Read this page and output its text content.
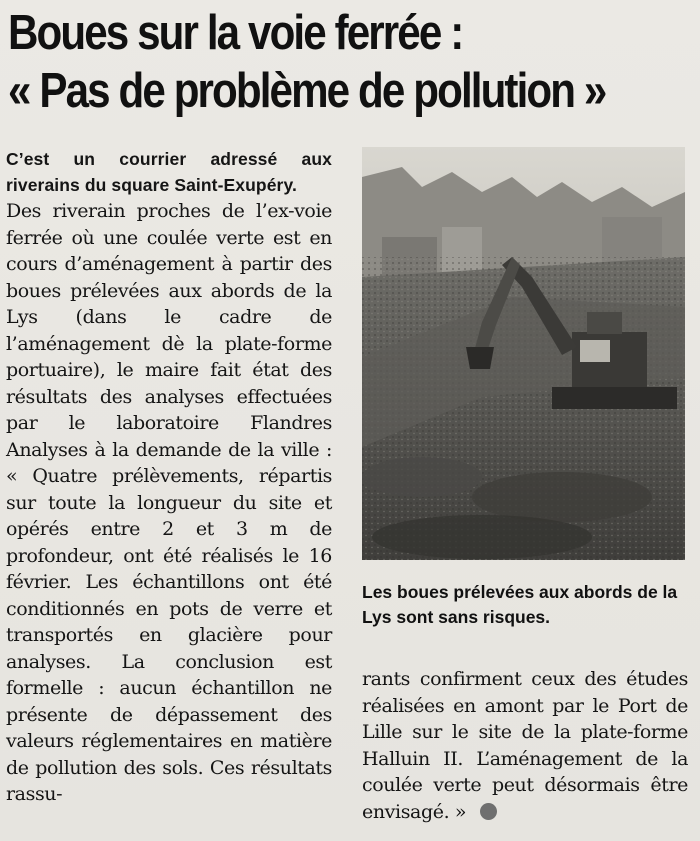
Boues sur la voie ferrée :
« Pas de problème de pollution »

C’est un courrier adressé aux riverains du square Saint-Exupéry.

Des riverain proches de l’ex-voie ferrée où une coulée verte est en cours d’aménagement à partir des boues prélevées aux abords de la Lys (dans le cadre de l’aménagement dè la plate-forme portuaire), le maire fait état des résultats des analyses effectuées par le laboratoire Flandres Analyses à la demande de la ville : « Quatre prélèvements, répartis sur toute la longueur du site et opérés entre 2 et 3 m de profondeur, ont été réalisés le 16 février. Les échantillons ont été conditionnés en pots de verre et transportés en glacière pour analyses. La conclusion est formelle : aucun échantillon ne présente de dépassement des valeurs réglementaires en matière de pollution des sols. Ces résultats rassu-

Les boues prélevées aux abords de la Lys sont sans risques.

rants confirment ceux des études réalisées en amont par le Port de Lille sur le site de la plate-forme Halluin II. L’aménagement de la coulée verte peut désormais être envisagé. »
